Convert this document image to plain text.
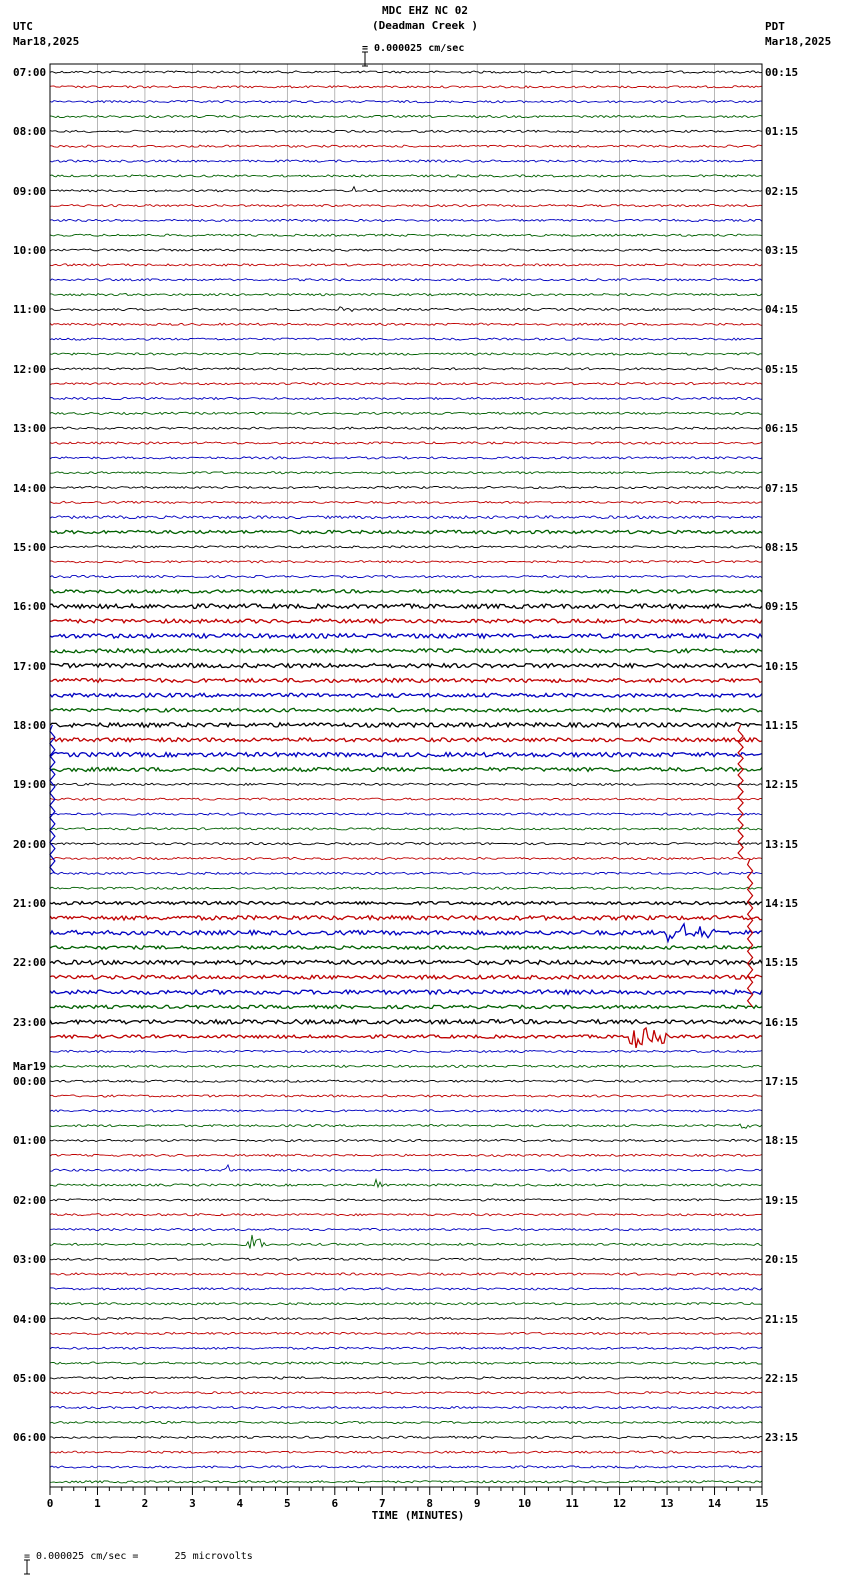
0	1	2	3	4	5	6	7	8	9	10	11	12	13	14	15
MDC EHZ NC 02
(Deadman Creek )

= 0.000025 cm/sec
UTC
Mar18,2025
PDT
Mar18,2025
TIME (MINUTES)
07:00
08:00
09:00
10:00
11:00
12:00
13:00
14:00
15:00
16:00
17:00
18:00
19:00
20:00
21:00
22:00
23:00
Mar19
00:00
01:00
02:00
03:00
04:00
05:00
06:00
00:15
01:15
02:15
03:15
04:15
05:15
06:15
07:15
08:15
09:15
10:15
11:15
12:15
13:15
14:15
15:15
16:15
17:15
18:15
19:15
20:15
21:15
22:15
23:15

= 0.000025 cm/sec =      25 microvolts
